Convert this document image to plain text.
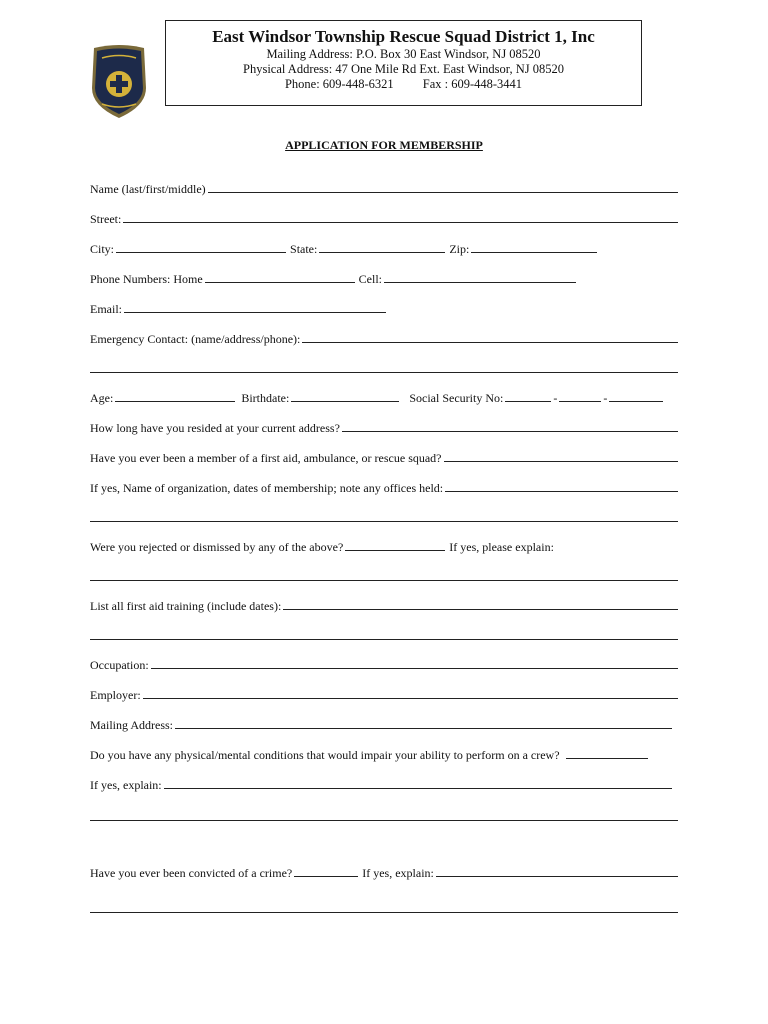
East Windsor Township Rescue Squad District 1, Inc
Mailing Address: P.O. Box 30 East Windsor, NJ 08520
Physical Address: 47 One Mile Rd Ext. East Windsor, NJ 08520
Phone: 609-448-6321 Fax : 609-448-3441
APPLICATION FOR MEMBERSHIP
Name (last/first/middle)
Street:
City:	State:	Zip:
Phone Numbers: Home	Cell:
Email:
Emergency Contact: (name/address/phone):
Age:	Birthdate:	Social Security No:	-	-
How long have you resided at your current address?
Have you ever been a member of a first aid, ambulance, or rescue squad?
If yes, Name of organization, dates of membership; note any offices held:
Were you rejected or dismissed by any of the above?	If yes, please explain:
List all first aid training (include dates):
Occupation:
Employer:
Mailing Address:
Do you have any physical/mental conditions that would impair your ability to perform on a crew?
If yes, explain:
Have you ever been convicted of a crime?	If yes, explain:
